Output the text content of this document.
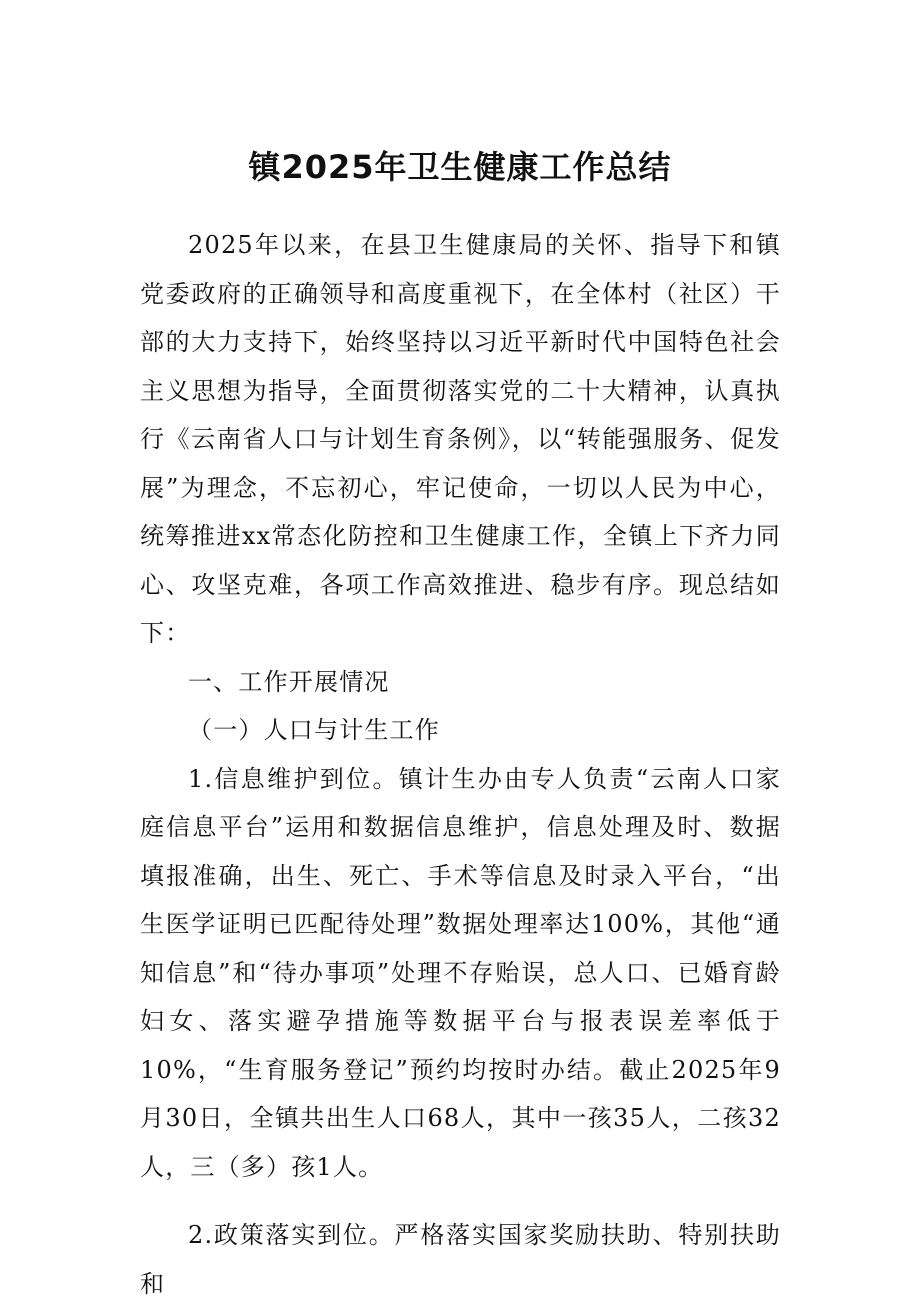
镇2025年卫生健康工作总结

2025年以来，在县卫生健康局的关怀、指导下和镇党委政府的正确领导和高度重视下，在全体村（社区）干部的大力支持下，始终坚持以习近平新时代中国特色社会主义思想为指导，全面贯彻落实党的二十大精神，认真执行《云南省人口与计划生育条例》，以“转能强服务、促发展”为理念，不忘初心，牢记使命，一切以人民为中心，统筹推进xx常态化防控和卫生健康工作，全镇上下齐力同心、攻坚克难，各项工作高效推进、稳步有序。现总结如下：

一、工作开展情况

（一）人口与计生工作

1.信息维护到位。镇计生办由专人负责“云南人口家庭信息平台”运用和数据信息维护，信息处理及时、数据填报准确，出生、死亡、手术等信息及时录入平台，“出生医学证明已匹配待处理”数据处理率达100%，其他“通知信息”和“待办事项”处理不存贻误，总人口、已婚育龄妇女、落实避孕措施等数据平台与报表误差率低于10%，“生育服务登记”预约均按时办结。截止2025年9月30日，全镇共出生人口68人，其中一孩35人，二孩32人，三（多）孩1人。

2.政策落实到位。严格落实国家奖励扶助、特别扶助和
